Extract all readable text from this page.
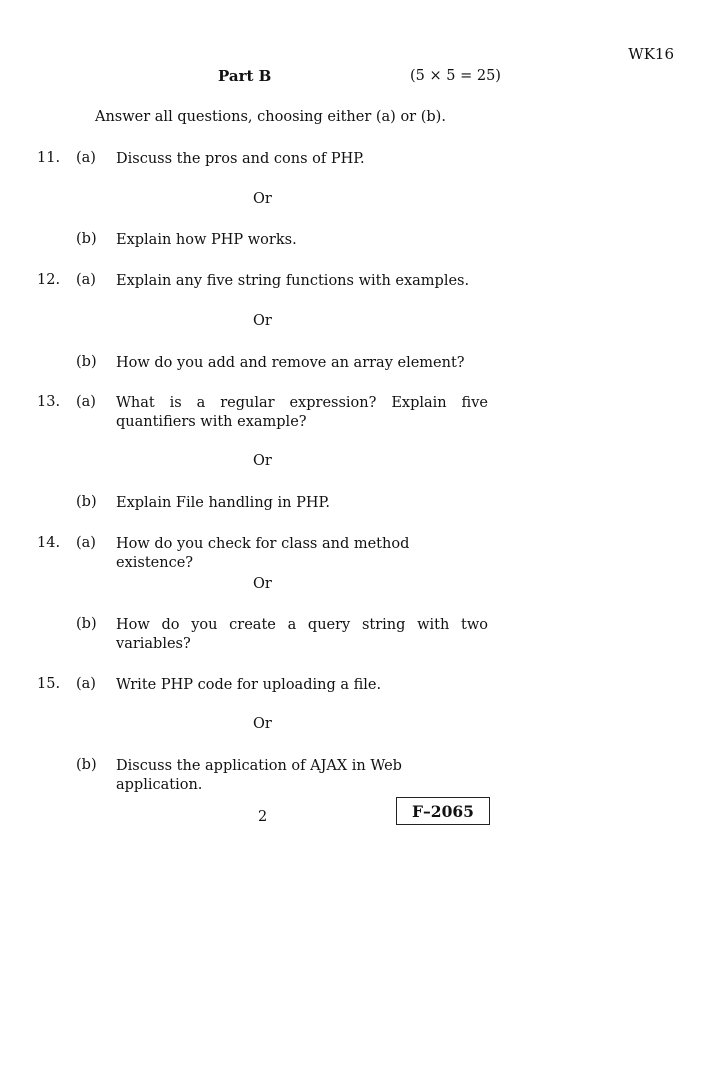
WK16
Part B	(5 × 5 = 25)
Answer all questions, choosing either (a) or (b).
11. (a) Discuss the pros and cons of PHP.
Or
(b) Explain how PHP works.
12. (a) Explain any five string functions with examples.
Or
(b) How do you add and remove an array element?
13. (a) What is a regular expression? Explain five
quantifiers with example?
Or
(b) Explain File handling in PHP.
14. (a) How do you check for class and method existence?
Or
(b) How do you create a query string with two
variables?
15. (a) Write PHP code for uploading a file.
Or
(b) Discuss the application of AJAX in Web application.
2	F–2065
